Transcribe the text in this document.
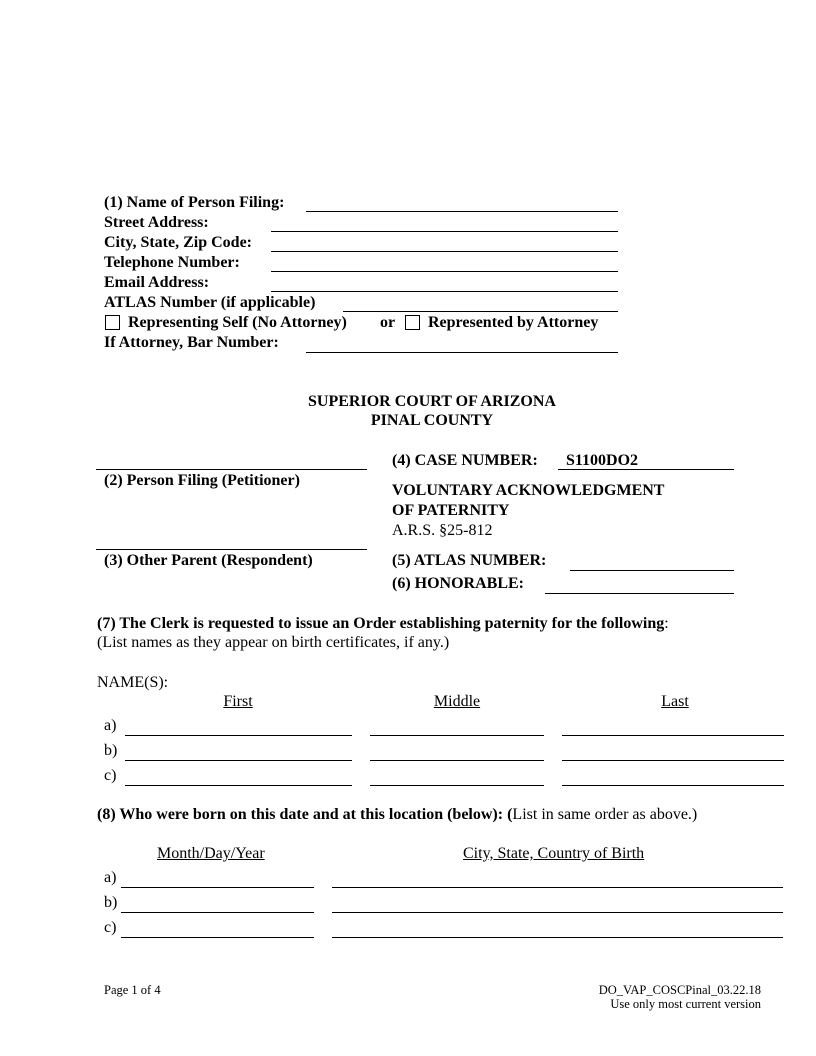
(1) Name of Person Filing:
Street Address:
City, State, Zip Code:
Telephone Number:
Email Address:
ATLAS Number (if applicable)
Representing Self (No Attorney) or Represented by Attorney
If Attorney, Bar Number:
SUPERIOR COURT OF ARIZONA
PINAL COUNTY
(2) Person Filing (Petitioner)
(3) Other Parent (Respondent)
(4) CASE NUMBER: S1100DO2
VOLUNTARY ACKNOWLEDGMENT
OF PATERNITY
A.R.S. §25-812
(5) ATLAS NUMBER:
(6) HONORABLE:
(7) The Clerk is requested to issue an Order establishing paternity for the following:
(List names as they appear on birth certificates, if any.)
NAME(S):
First	Middle	Last
a)
b)
c)
(8) Who were born on this date and at this location (below): (List in same order as above.)
Month/Day/Year	City, State, Country of Birth
a)
b)
c)
Page 1 of 4	DO_VAP_COSCPinal_03.22.18
Use only most current version
